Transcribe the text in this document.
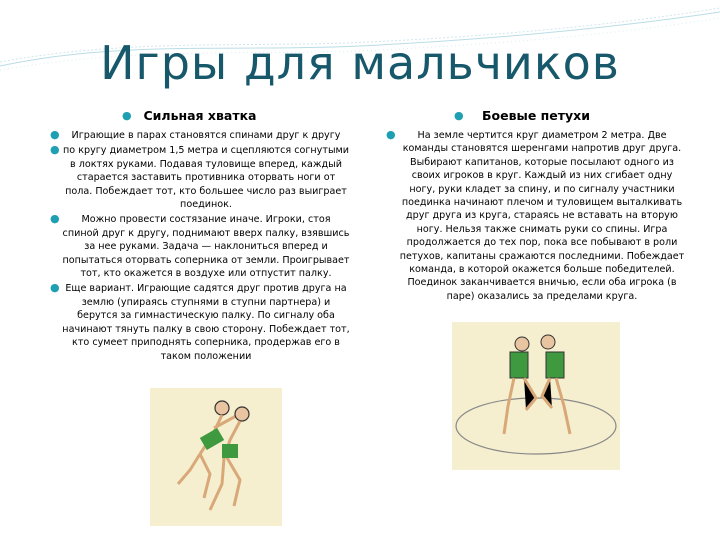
Игры для мальчиков
● Сильная хватка
● Играющие в парах становятся спинами друг к другу
● по кругу диаметром 1,5 метра и сцепляются согнутыми в локтях руками. Подавая туловище вперед, каждый старается заставить противника оторвать ноги от пола. Побеждает тот, кто большее число раз выиграет поединок.
● Можно провести состязание иначе. Игроки, стоя спиной друг к другу, поднимают вверх палку, взявшись за нее руками. Задача — наклониться вперед и попытаться оторвать соперника от земли. Проигрывает тот, кто окажется в воздухе или отпустит палку.
● Еще вариант. Играющие садятся друг против друга на землю (упираясь ступнями в ступни партнера) и берутся за гимнастическую палку. По сигналу оба начинают тянуть палку в свою сторону. Побеждает тот, кто сумеет приподнять соперника, продержав его в таком положении
● Боевые петухи
● На земле чертится круг диаметром 2 метра. Две команды становятся шеренгами напротив друг друга. Выбирают капитанов, которые посылают одного из своих игроков в круг. Каждый из них сгибает одну ногу, руки кладет за спину, и по сигналу участники поединка начинают плечом и туловищем выталкивать друг друга из круга, стараясь не вставать на вторую ногу. Нельзя также снимать руки со спины. Игра продолжается до тех пор, пока все побывают в роли петухов, капитаны сражаются последними. Побеждает команда, в которой окажется больше победителей. Поединок заканчивается вничью, если оба игрока (в паре) оказались за пределами круга.
